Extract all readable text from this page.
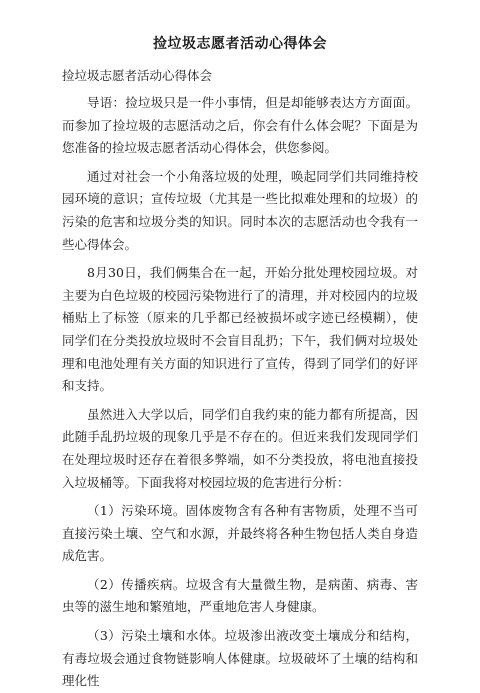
捡垃圾志愿者活动心得体会
捡垃圾志愿者活动心得体会

导语：捡垃圾只是一件小事情，但是却能够表达方方面面。而参加了捡垃圾的志愿活动之后，你会有什么体会呢？下面是为您准备的捡垃圾志愿者活动心得体会，供您参阅。

通过对社会一个小角落垃圾的处理，唤起同学们共同维持校园环境的意识；宣传垃圾（尤其是一些比拟难处理和的垃圾）的污染的危害和垃圾分类的知识。同时本次的志愿活动也令我有一些心得体会。

8月30日，我们俩集合在一起，开始分批处理校园垃圾。对主要为白色垃圾的校园污染物进行了的清理，并对校园内的垃圾桶贴上了标签（原来的几乎都已经被损坏或字迹已经模糊），使同学们在分类投放垃圾时不会盲目乱扔；下午，我们俩对垃圾处理和电池处理有关方面的知识进行了宣传，得到了同学们的好评和支持。

虽然进入大学以后，同学们自我约束的能力都有所提高，因此随手乱扔垃圾的现象几乎是不存在的。但近来我们发现同学们在处理垃圾时还存在着很多弊端，如不分类投放，将电池直接投入垃圾桶等。下面我将对校园垃圾的危害进行分析：

（1）污染环境。固体废物含有各种有害物质，处理不当可直接污染土壤、空气和水源，并最终将各种生物包括人类自身造成危害。

（2）传播疾病。垃圾含有大量微生物，是病菌、病毒、害虫等的滋生地和繁殖地，严重地危害人身健康。

（3）污染土壤和水体。垃圾渗出液改变土壤成分和结构，有毒垃圾会通过食物链影响人体健康。垃圾破坏了土壤的结构和理化性
